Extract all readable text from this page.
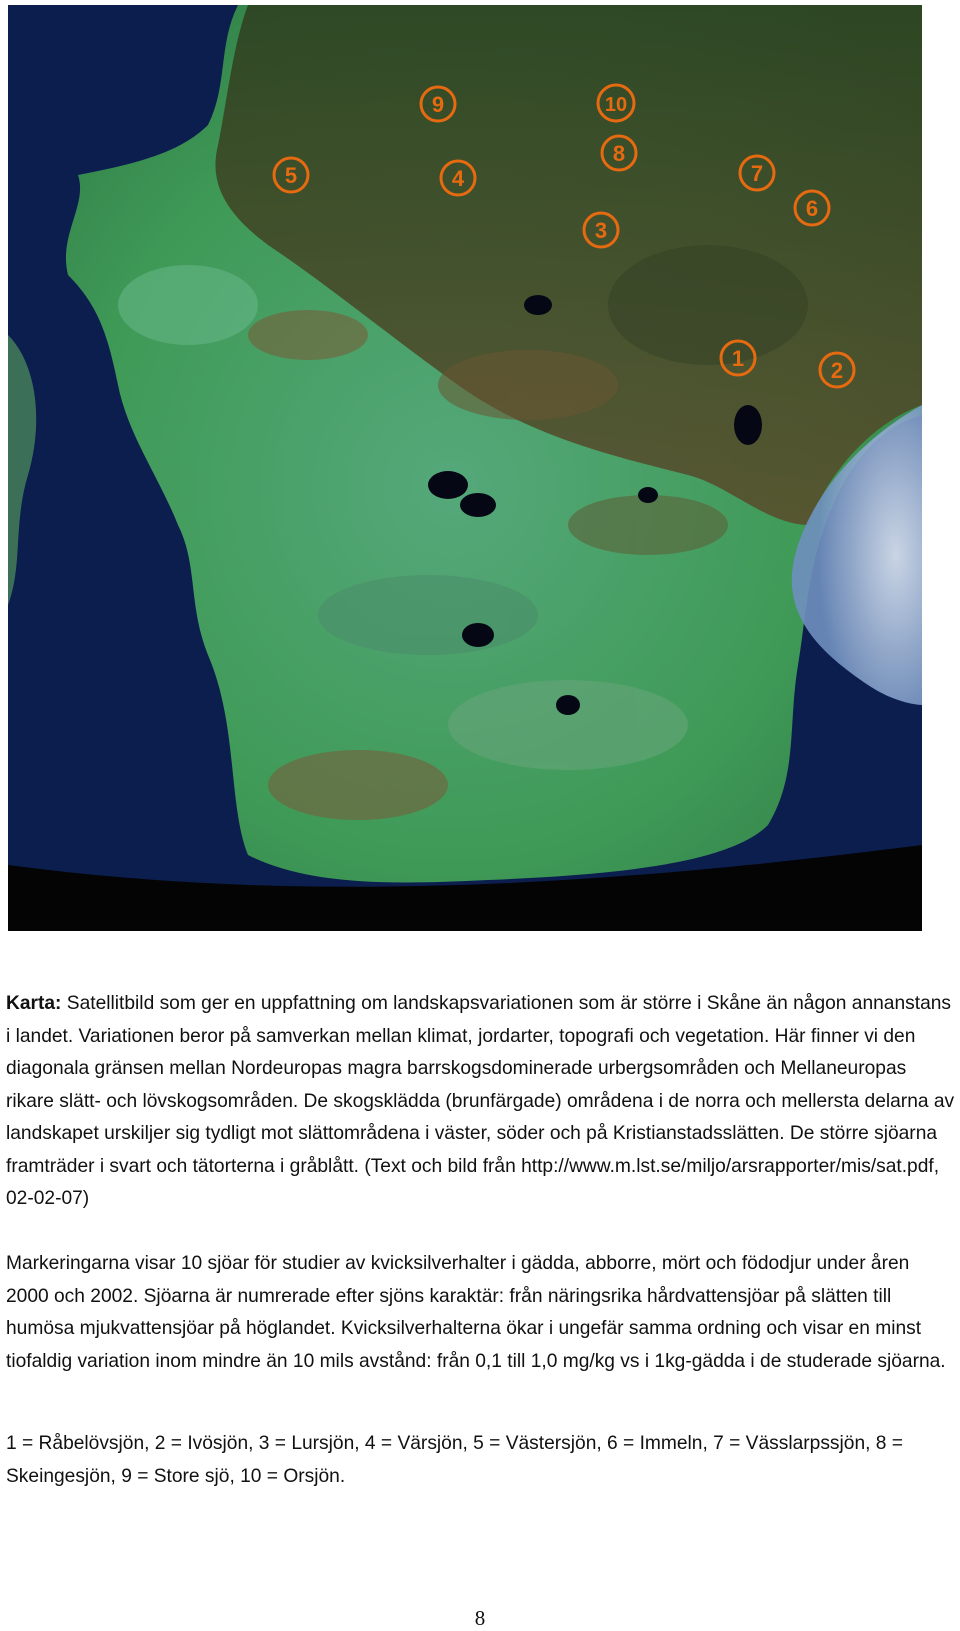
1	2
3
4
5
6
7
8
9	10
Karta: Satellitbild som ger en uppfattning om landskapsvariationen som är större i Skåne än någon annanstans i landet. Variationen beror på samverkan mellan klimat, jordarter, topografi och vegetation. Här finner vi den diagonala gränsen mellan Nordeuropas magra barrskogsdominerade urbergsområden och Mellaneuropas rikare slätt- och lövskogsområden. De skogsklädda (brunfärgade) områdena i de norra och mellersta delarna av landskapet urskiljer sig tydligt mot slättområdena i väster, söder och på Kristianstadsslätten. De större sjöarna framträder i svart och tätorterna i gråblått. (Text och bild från http://www.m.lst.se/miljo/arsrapporter/mis/sat.pdf, 02-02-07)
Markeringarna visar 10 sjöar för studier av kvicksilverhalter i gädda, abborre, mört och födodjur under åren 2000 och 2002. Sjöarna är numrerade efter sjöns karaktär: från näringsrika hårdvattensjöar på slätten till humösa mjukvattensjöar på höglandet. Kvicksilverhalterna ökar i ungefär samma ordning och visar en minst tiofaldig variation inom mindre än 10 mils avstånd: från 0,1 till 1,0 mg/kg vs i 1kg-gädda i de studerade sjöarna.
1 = Råbelövsjön, 2 = Ivösjön, 3 = Lursjön, 4 = Värsjön, 5 = Västersjön, 6 = Immeln, 7 = Vässlarpssjön, 8 = Skeingesjön, 9 = Store sjö, 10 = Orsjön.
8
